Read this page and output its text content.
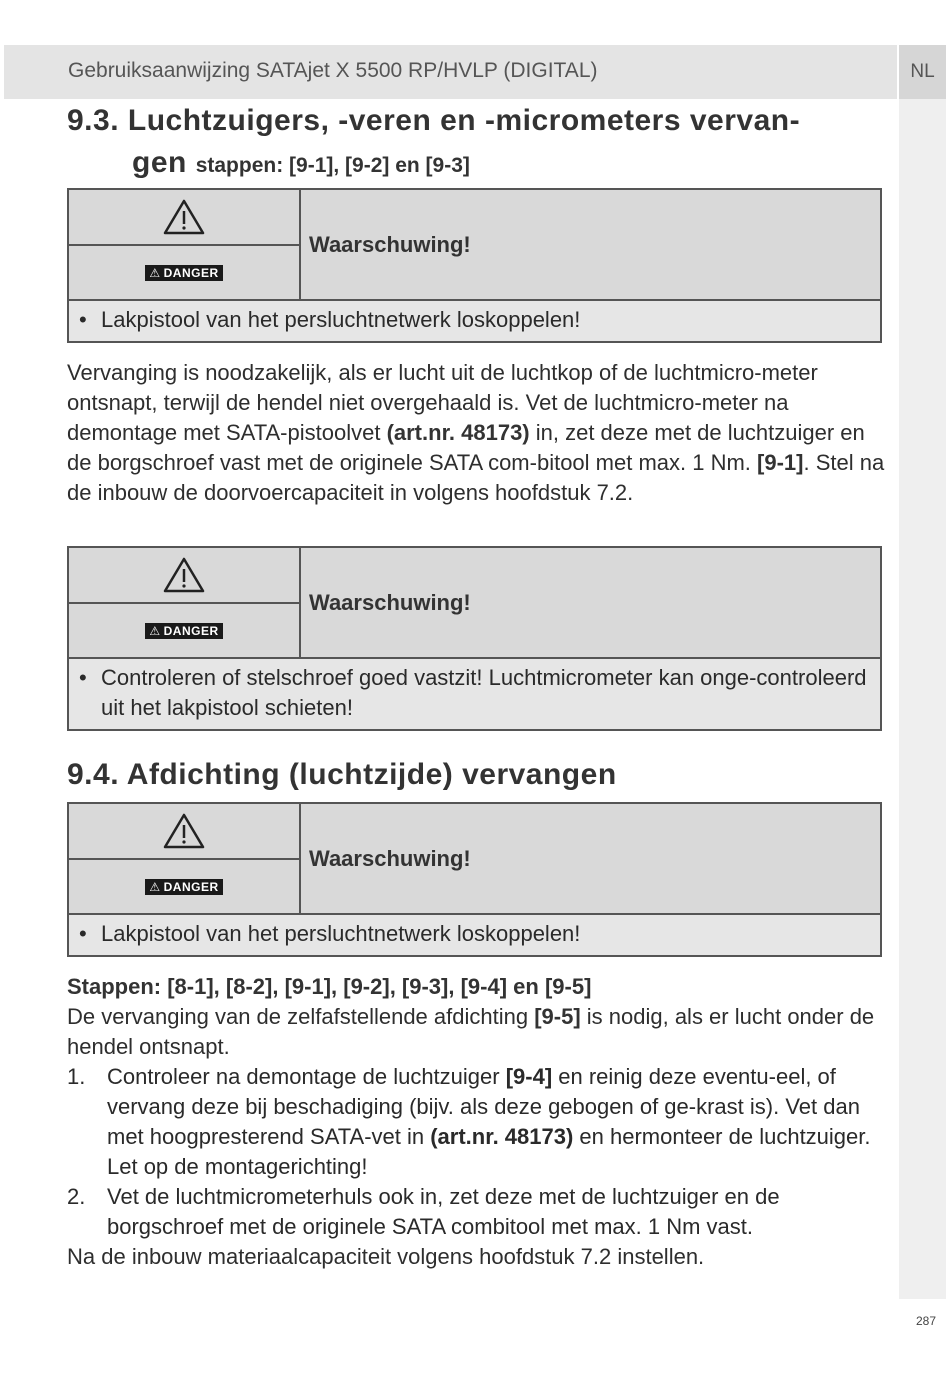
Gebruiksaanwijzing SATAjet X 5500 RP/HVLP (DIGITAL)	NL
9.3. Luchtzuigers, -veren en -micrometers vervan-
gen stappen: [9-1], [9-2] en [9-3]
⚠ DANGER
Waarschuwing!
• Lakpistool van het persluchtnetwerk loskoppelen!
Vervanging is noodzakelijk, als er lucht uit de luchtkop of de luchtmicro-meter ontsnapt, terwijl de hendel niet overgehaald is. Vet de luchtmicro-meter na demontage met SATA-pistoolvet (art.nr. 48173) in, zet deze met de luchtzuiger en de borgschroef vast met de originele SATA com-bitool met max. 1 Nm. [9-1]. Stel na de inbouw de doorvoercapaciteit in volgens hoofdstuk 7.2.
⚠ DANGER
Waarschuwing!
• Controleren of stelschroef goed vastzit! Luchtmicrometer kan onge-controleerd uit het lakpistool schieten!
9.4. Afdichting (luchtzijde) vervangen
⚠ DANGER
Waarschuwing!
• Lakpistool van het persluchtnetwerk loskoppelen!
Stappen: [8-1], [8-2], [9-1], [9-2], [9-3], [9-4] en [9-5]
De vervanging van de zelfafstellende afdichting [9-5] is nodig, als er lucht onder de hendel ontsnapt.
1. Controleer na demontage de luchtzuiger [9-4] en reinig deze eventu-eel, of vervang deze bij beschadiging (bijv. als deze gebogen of ge-krast is). Vet dan met hoogpresterend SATA-vet in (art.nr. 48173) en hermonteer de luchtzuiger. Let op de montagerichting!
2. Vet de luchtmicrometerhuls ook in, zet deze met de luchtzuiger en de borgschroef met de originele SATA combitool met max. 1 Nm vast.
Na de inbouw materiaalcapaciteit volgens hoofdstuk 7.2 instellen.
287
